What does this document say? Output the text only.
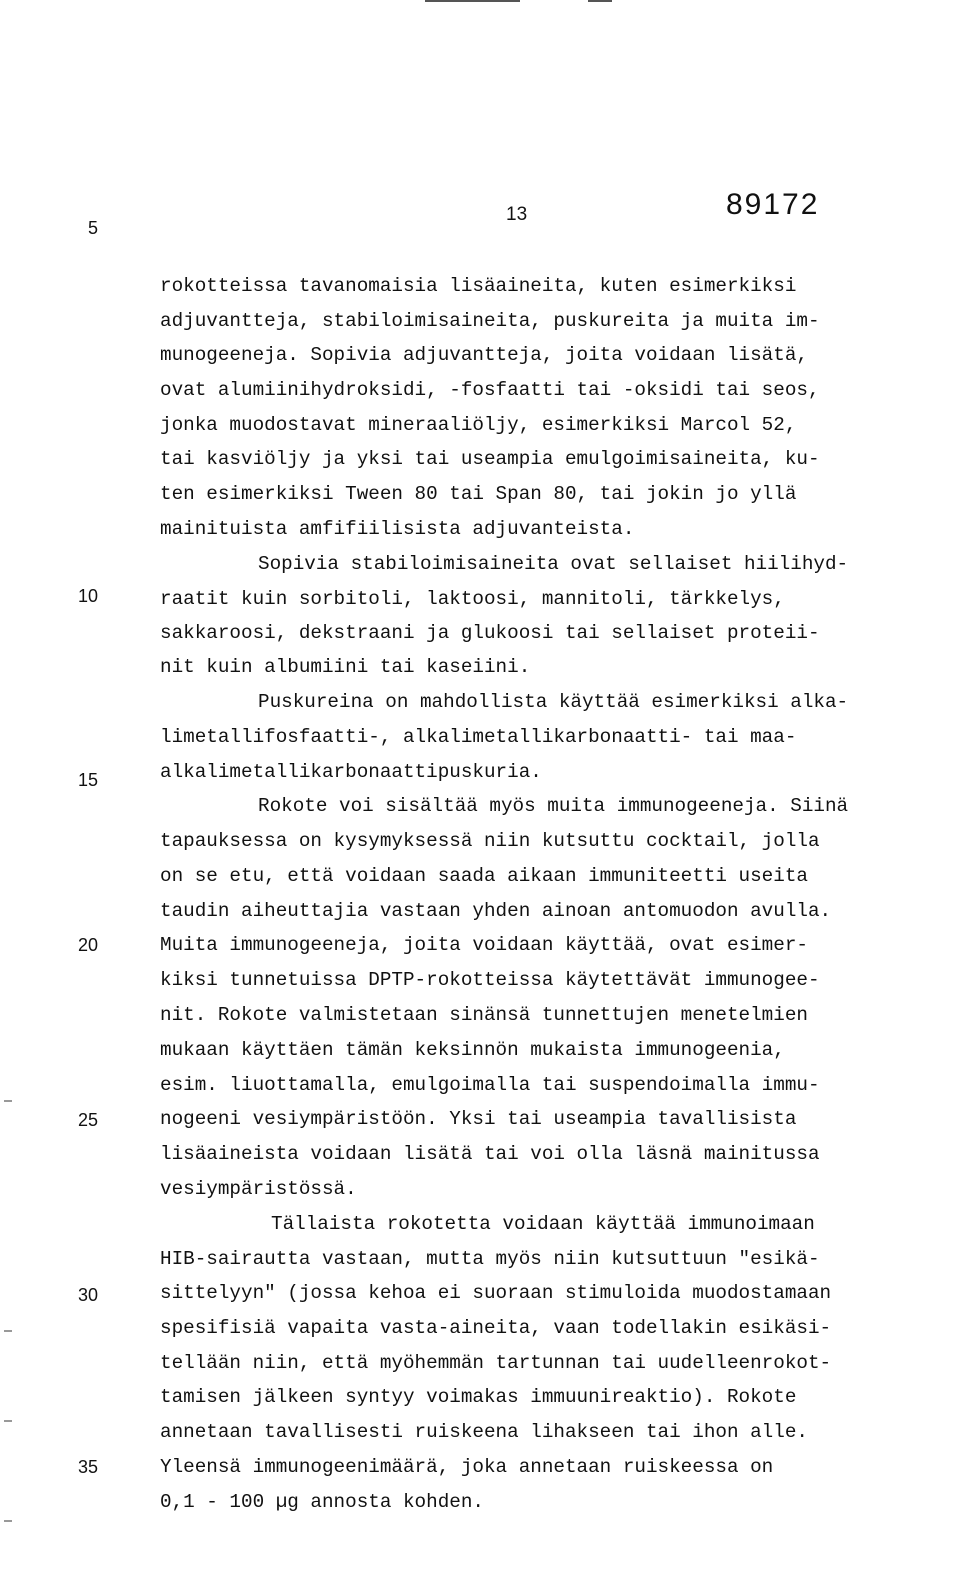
13	89172
5
10
15
20
25
30
35
rokotteissa tavanomaisia lisäaineita, kuten esimerkiksi
adjuvantteja, stabiloimisaineita, puskureita ja muita im-
munogeeneja. Sopivia adjuvantteja, joita voidaan lisätä,
ovat alumiinihydroksidi, -fosfaatti tai -oksidi tai seos,
jonka muodostavat mineraaliöljy, esimerkiksi Marcol 52,
tai kasviöljy ja yksi tai useampia emulgoimisaineita, ku-
ten esimerkiksi Tween 80 tai Span 80, tai jokin jo yllä
mainituista amfifiilisista adjuvanteista.
Sopivia stabiloimisaineita ovat sellaiset hiilihyd-
raatit kuin sorbitoli, laktoosi, mannitoli, tärkkelys,
sakkaroosi, dekstraani ja glukoosi tai sellaiset proteii-
nit kuin albumiini tai kaseiini.
Puskureina on mahdollista käyttää esimerkiksi alka-
limetallifosfaatti-, alkalimetallikarbonaatti- tai maa-
alkalimetallikarbonaattipuskuria.
Rokote voi sisältää myös muita immunogeeneja. Siinä
tapauksessa on kysymyksessä niin kutsuttu cocktail, jolla
on se etu, että voidaan saada aikaan immuniteetti useita
taudin aiheuttajia vastaan yhden ainoan antomuodon avulla.
Muita immunogeeneja, joita voidaan käyttää, ovat esimer-
kiksi tunnetuissa DPTP-rokotteissa käytettävät immunogee-
nit. Rokote valmistetaan sinänsä tunnettujen menetelmien
mukaan käyttäen tämän keksinnön mukaista immunogeenia,
esim. liuottamalla, emulgoimalla tai suspendoimalla immu-
nogeeni vesiympäristöön. Yksi tai useampia tavallisista
lisäaineista voidaan lisätä tai voi olla läsnä mainitussa
vesiympäristössä.
Tällaista rokotetta voidaan käyttää immunoimaan
HIB-sairautta vastaan, mutta myös niin kutsuttuun "esikä-
sittelyyn" (jossa kehoa ei suoraan stimuloida muodostamaan
spesifisiä vapaita vasta-aineita, vaan todellakin esikäsi-
tellään niin, että myöhemmän tartunnan tai uudelleenrokot-
tamisen jälkeen syntyy voimakas immuunireaktio). Rokote
annetaan tavallisesti ruiskeena lihakseen tai ihon alle.
Yleensä immunogeenimäärä, joka annetaan ruiskeessa on
0,1 - 100 µg annosta kohden.
